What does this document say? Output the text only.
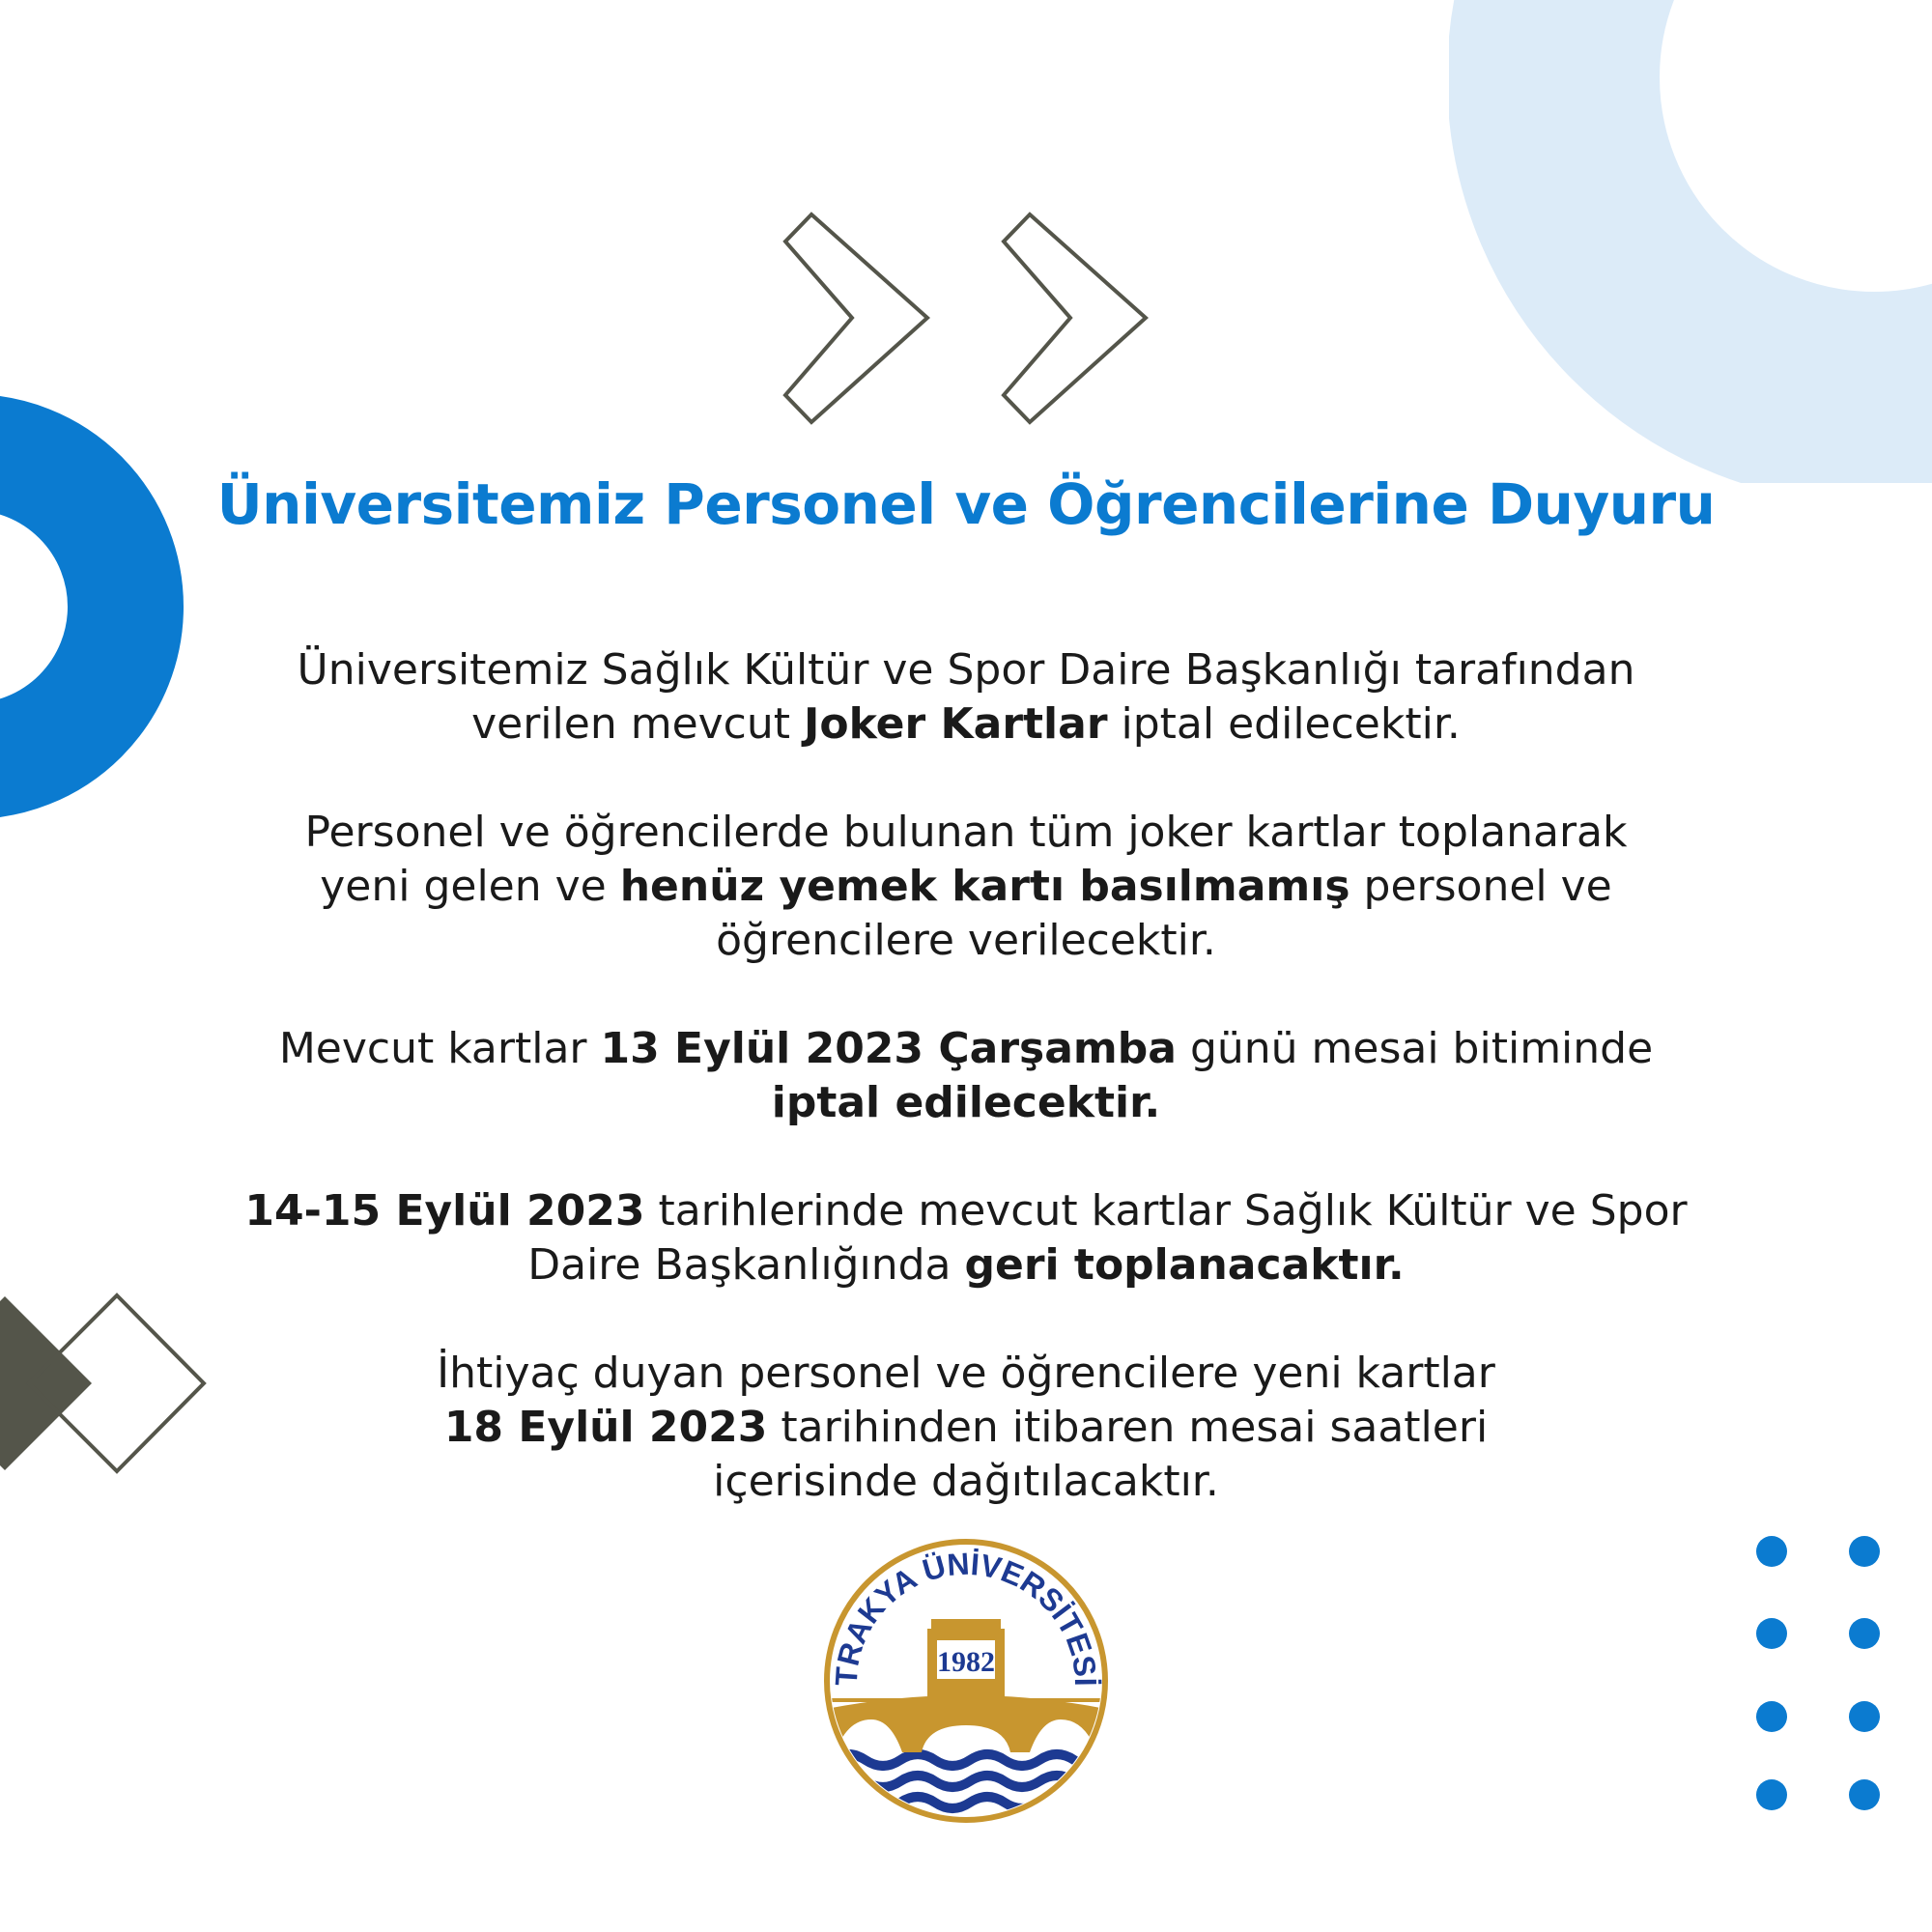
Üniversitemiz Personel ve Öğrencilerine Duyuru

Üniversitemiz Sağlık Kültür ve Spor Daire Başkanlığı tarafından
verilen mevcut Joker Kartlar iptal edilecektir.

Personel ve öğrencilerde bulunan tüm joker kartlar toplanarak
yeni gelen ve henüz yemek kartı basılmamış personel ve
öğrencilere verilecektir.

Mevcut kartlar 13 Eylül 2023 Çarşamba günü mesai bitiminde
iptal edilecektir.

14-15 Eylül 2023 tarihlerinde mevcut kartlar Sağlık Kültür ve Spor
Daire Başkanlığında geri toplanacaktır.

İhtiyaç duyan personel ve öğrencilere yeni kartlar
18 Eylül 2023 tarihinden itibaren mesai saatleri
içerisinde dağıtılacaktır.

1982
TRAKYA ÜNİVERSİTESİ
